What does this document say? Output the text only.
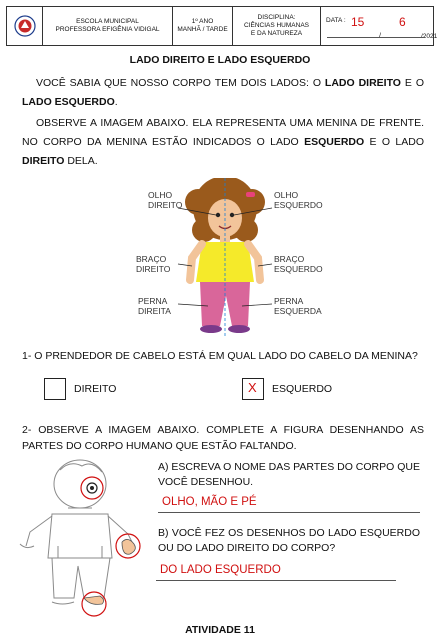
ESCOLA MUNICIPAL
PROFESSORA EFIGÊNIA VIDIGAL
1º ANO
MANHÃ / TARDE
DISCIPLINA:
CIÊNCIAS HUMANAS
E DA NATUREZA
DATA : 15
/
6
/2021
LADO DIREITO E LADO ESQUERDO
VOCÊ SABIA QUE NOSSO CORPO TEM DOIS LADOS: O LADO DIREITO E O LADO ESQUERDO.
OBSERVE A IMAGEM ABAIXO. ELA REPRESENTA UMA MENINA DE FRENTE. NO CORPO DA MENINA ESTÃO INDICADOS O LADO ESQUERDO E O LADO DIREITO DELA.
OLHO
DIREITO
OLHO
ESQUERDO
BRAÇO
DIREITO
BRAÇO
ESQUERDO
PERNA
DIREITA
PERNA
ESQUERDA
1- O PRENDEDOR DE CABELO ESTÁ EM QUAL LADO DO CABELO DA MENINA?
DIREITO	X ESQUERDO
2- OBSERVE A IMAGEM ABAIXO. COMPLETE A FIGURA DESENHANDO AS PARTES DO CORPO HUMANO QUE ESTÃO FALTANDO.
A) ESCREVA O NOME DAS PARTES DO CORPO QUE VOCÊ DESENHOU.
OLHO, MÃO E PÉ
B) VOCÊ FEZ OS DESENHOS DO LADO ESQUERDO OU DO LADO DIREITO DO CORPO?
DO LADO ESQUERDO
ATIVIDADE 11
